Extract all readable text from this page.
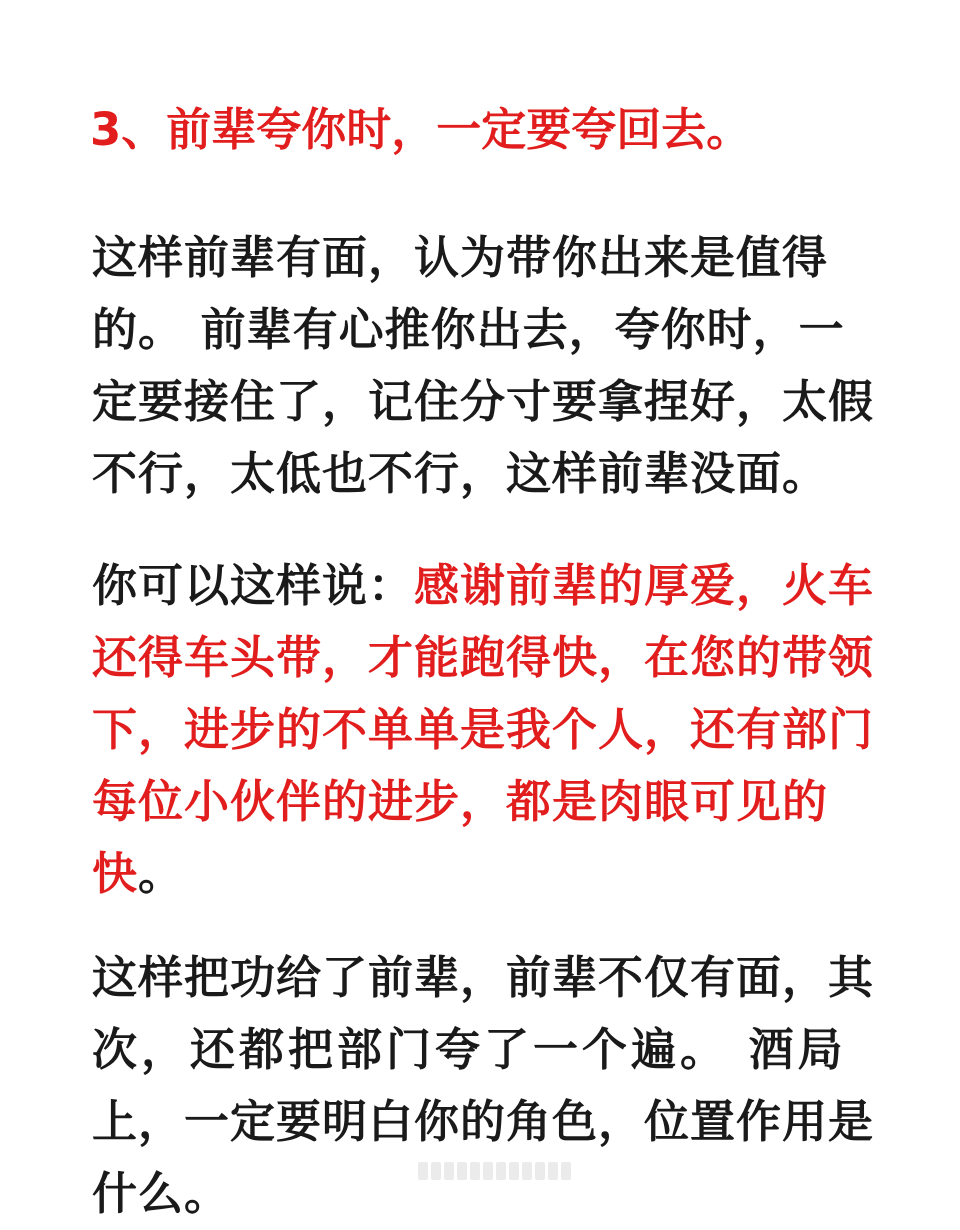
3、前辈夸你时，一定要夸回去。
这样前辈有面，认为带你出来是值得
的。 前辈有心推你出去，夸你时，一
定要接住了，记住分寸要拿捏好，太假
不行，太低也不行，这样前辈没面。
你可以这样说：感谢前辈的厚爱，火车
还得车头带，才能跑得快，在您的带领
下，进步的不单单是我个人，还有部门
每位小伙伴的进步，都是肉眼可见的
快。
这样把功给了前辈，前辈不仅有面，其
次，还都把部门夸了一个遍。 酒局
上，一定要明白你的角色，位置作用是
什么。
